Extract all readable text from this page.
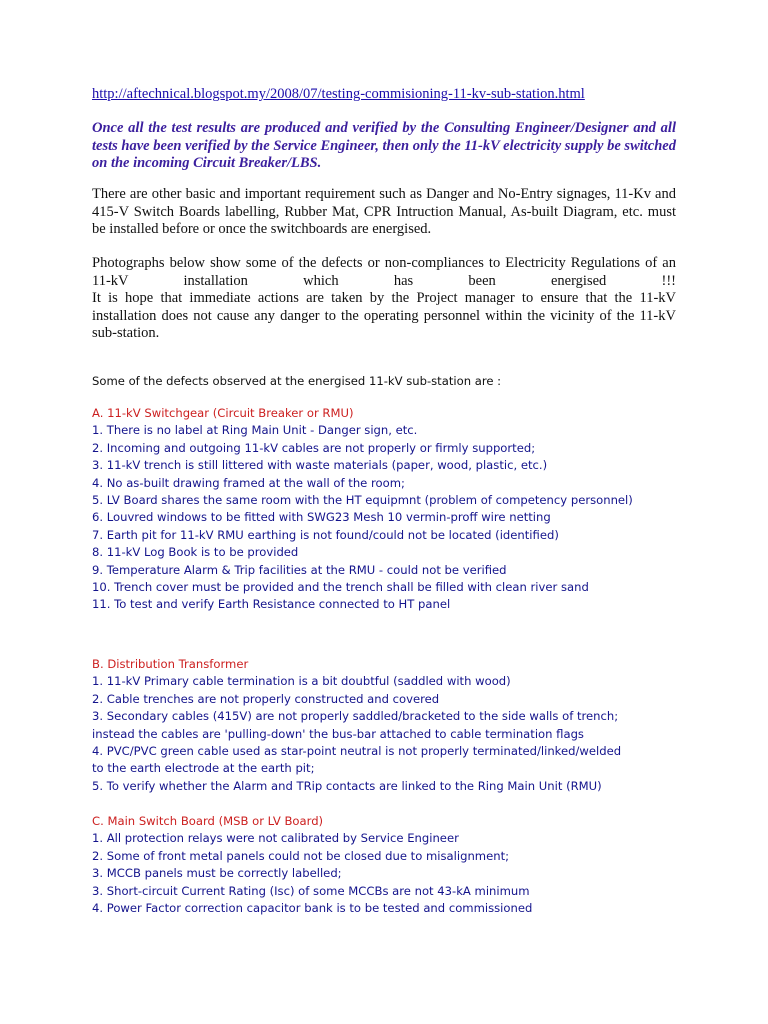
http://aftechnical.blogspot.my/2008/07/testing-commisioning-11-kv-sub-station.html
Once all the test results are produced and verified by the Consulting Engineer/Designer and all tests have been verified by the Service Engineer, then only the 11-kV electricity supply be switched on the incoming Circuit Breaker/LBS.
There are other basic and important requirement such as Danger and No-Entry signages, 11-Kv and 415-V Switch Boards labelling, Rubber Mat, CPR Intruction Manual, As-built Diagram, etc. must be installed before or once the switchboards are energised.
Photographs below show some of the defects or non-compliances to Electricity Regulations of an 11-kV installation which has been energised !!!
It is hope that immediate actions are taken by the Project manager to ensure that the 11-kV installation does not cause any danger to the operating personnel within the vicinity of the 11-kV sub-station.
Some of the defects observed at the energised 11-kV sub-station are :
A. 11-kV Switchgear (Circuit Breaker or RMU)
1. There is no label at Ring Main Unit - Danger sign, etc.
2. Incoming and outgoing 11-kV cables are not properly or firmly supported;
3. 11-kV trench is still littered with waste materials (paper, wood, plastic, etc.)
4. No as-built drawing framed at the wall of the room;
5. LV Board shares the same room with the HT equipmnt (problem of competency personnel)
6. Louvred windows to be fitted with SWG23 Mesh 10 vermin-proff wire netting
7. Earth pit for 11-kV RMU earthing is not found/could not be located (identified)
8. 11-kV Log Book is to be provided
9. Temperature Alarm & Trip facilities at the RMU - could not be verified
10. Trench cover must be provided and the trench shall be filled with clean river sand
11. To test and verify Earth Resistance connected to HT panel
B. Distribution Transformer
1. 11-kV Primary cable termination is a bit doubtful (saddled with wood)
2. Cable trenches are not properly constructed and covered
3. Secondary cables (415V) are not properly saddled/bracketed to the side walls of trench;
instead the cables are 'pulling-down' the bus-bar attached to cable termination flags
4. PVC/PVC green cable used as star-point neutral is not properly terminated/linked/welded
to the earth electrode at the earth pit;
5. To verify whether the Alarm and TRip contacts are linked to the Ring Main Unit (RMU)
C. Main Switch Board (MSB or LV Board)
1. All protection relays were not calibrated by Service Engineer
2. Some of front metal panels could not be closed due to misalignment;
3. MCCB panels must be correctly labelled;
3. Short-circuit Current Rating (Isc) of some MCCBs are not 43-kA minimum
4. Power Factor correction capacitor bank is to be tested and commissioned
